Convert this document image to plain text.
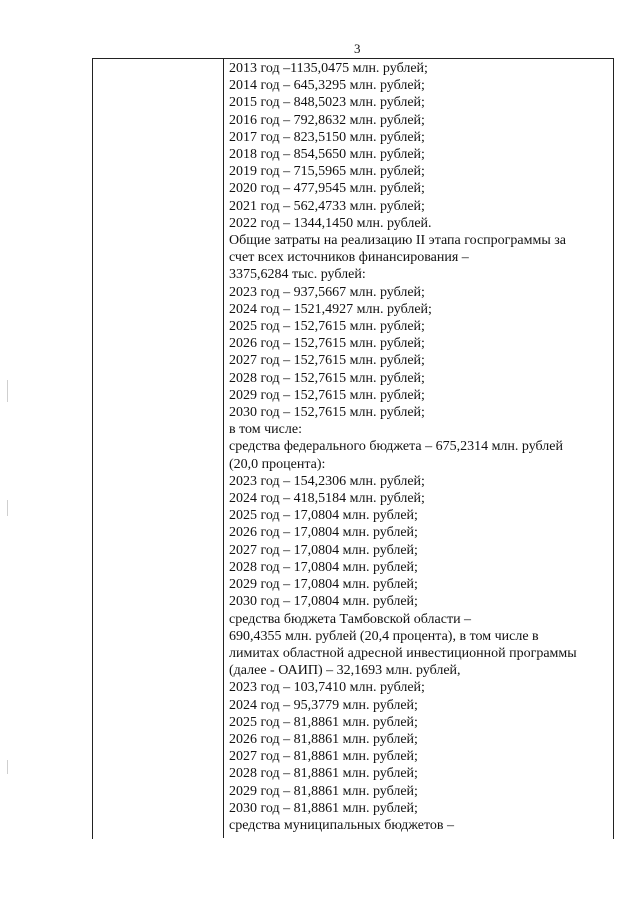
3
2013 год –1135,0475 млн. рублей;
2014 год – 645,3295 млн. рублей;
2015 год – 848,5023 млн. рублей;
2016 год – 792,8632 млн. рублей;
2017 год – 823,5150 млн. рублей;
2018 год – 854,5650 млн. рублей;
2019 год – 715,5965 млн. рублей;
2020 год – 477,9545 млн. рублей;
2021 год – 562,4733 млн. рублей;
2022 год – 1344,1450 млн. рублей.
Общие затраты на реализацию II этапа госпрограммы за
счет всех источников финансирования –
3375,6284 тыс. рублей:
2023 год – 937,5667 млн. рублей;
2024 год – 1521,4927 млн. рублей;
2025 год – 152,7615 млн. рублей;
2026 год – 152,7615 млн. рублей;
2027 год – 152,7615 млн. рублей;
2028 год – 152,7615 млн. рублей;
2029 год – 152,7615 млн. рублей;
2030 год – 152,7615 млн. рублей;
в том числе:
средства федерального бюджета – 675,2314 млн. рублей
(20,0 процента):
2023 год – 154,2306 млн. рублей;
2024 год – 418,5184 млн. рублей;
2025 год – 17,0804 млн. рублей;
2026 год – 17,0804 млн. рублей;
2027 год – 17,0804 млн. рублей;
2028 год – 17,0804 млн. рублей;
2029 год – 17,0804 млн. рублей;
2030 год – 17,0804 млн. рублей;
средства бюджета Тамбовской области –
690,4355 млн. рублей (20,4 процента), в том числе в
лимитах областной адресной инвестиционной программы
(далее - ОАИП) – 32,1693 млн. рублей,
2023 год – 103,7410 млн. рублей;
2024 год – 95,3779 млн. рублей;
2025 год – 81,8861 млн. рублей;
2026 год – 81,8861 млн. рублей;
2027 год – 81,8861 млн. рублей;
2028 год – 81,8861 млн. рублей;
2029 год – 81,8861 млн. рублей;
2030 год – 81,8861 млн. рублей;
средства муниципальных бюджетов –
